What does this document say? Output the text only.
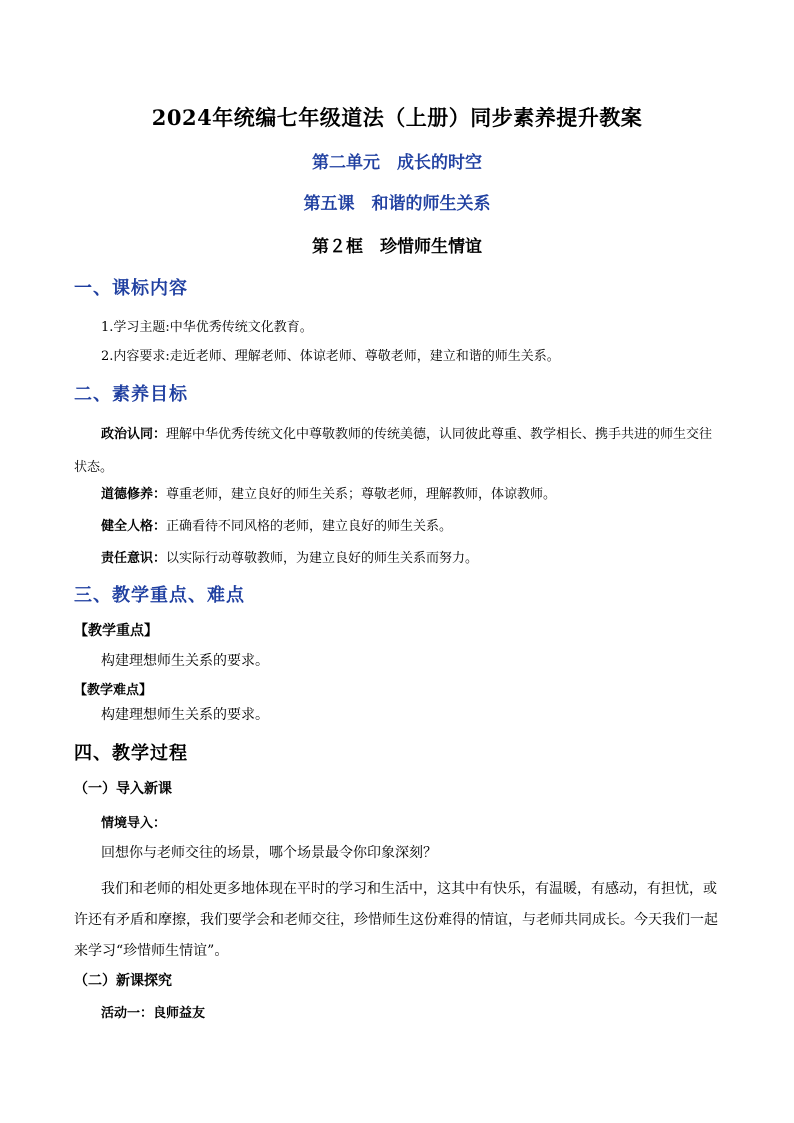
2024年统编七年级道法（上册）同步素养提升教案
第二单元　成长的时空
第五课　和谐的师生关系
第２框　珍惜师生情谊
一、课标内容
1.学习主题:中华优秀传统文化教育。
2.内容要求:走近老师、理解老师、体谅老师、尊敬老师，建立和谐的师生关系。
二、素养目标
政治认同：理解中华优秀传统文化中尊敬教师的传统美德，认同彼此尊重、教学相长、携手共进的师生交往状态。
道德修养：尊重老师，建立良好的师生关系；尊敬老师，理解教师，体谅教师。
健全人格：正确看待不同风格的老师，建立良好的师生关系。
责任意识：以实际行动尊敬教师，为建立良好的师生关系而努力。
三、教学重点、难点
【教学重点】
构建理想师生关系的要求。
【教学难点】
构建理想师生关系的要求。
四、教学过程
（一）导入新课
情境导入：
回想你与老师交往的场景，哪个场景最令你印象深刻？
我们和老师的相处更多地体现在平时的学习和生活中，这其中有快乐，有温暖，有感动，有担忧，或许还有矛盾和摩擦，我们要学会和老师交往，珍惜师生这份难得的情谊，与老师共同成长。今天我们一起来学习“珍惜师生情谊”。
（二）新课探究
活动一：良师益友
